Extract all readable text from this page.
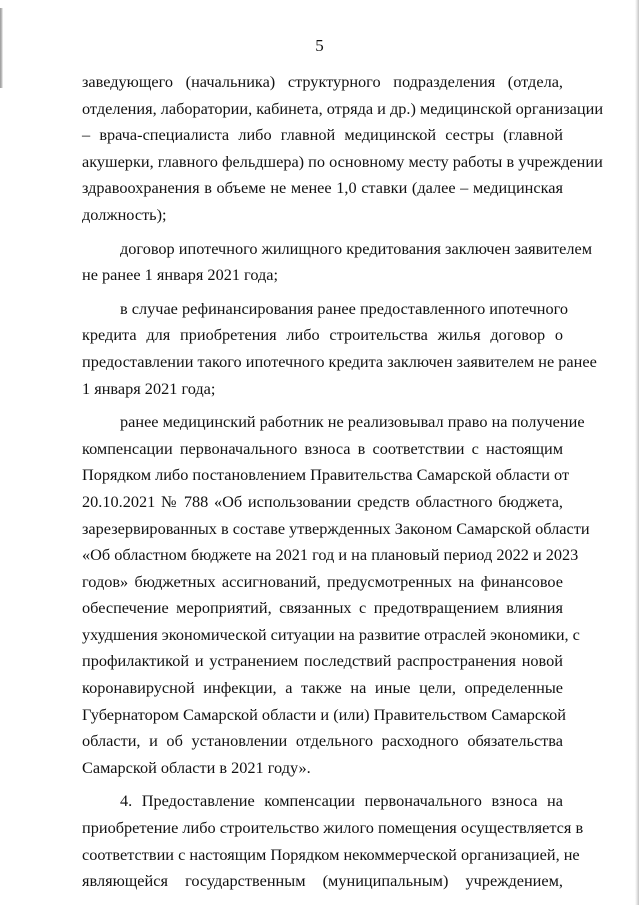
5

заведующего (начальника) структурного подразделения (отдела,
отделения, лаборатории, кабинета, отряда и др.) медицинской организации
– врача-специалиста либо главной медицинской сестры (главной
акушерки, главного фельдшера) по основному месту работы в учреждении
здравоохранения в объеме не менее 1,0 ставки (далее – медицинская
должность);

договор ипотечного жилищного кредитования заключен заявителем
не ранее 1 января 2021 года;

в случае рефинансирования ранее предоставленного ипотечного
кредита для приобретения либо строительства жилья договор о
предоставлении такого ипотечного кредита заключен заявителем не ранее
1 января 2021 года;

ранее медицинский работник не реализовывал право на получение
компенсации первоначального взноса в соответствии с настоящим
Порядком либо постановлением Правительства Самарской области от
20.10.2021 № 788 «Об использовании средств областного бюджета,
зарезервированных в составе утвержденных Законом Самарской области
«Об областном бюджете на 2021 год и на плановый период 2022 и 2023
годов» бюджетных ассигнований, предусмотренных на финансовое
обеспечение мероприятий, связанных с предотвращением влияния
ухудшения экономической ситуации на развитие отраслей экономики, с
профилактикой и устранением последствий распространения новой
коронавирусной инфекции, а также на иные цели, определенные
Губернатором Самарской области и (или) Правительством Самарской
области, и об установлении отдельного расходного обязательства
Самарской области в 2021 году».

4. Предоставление компенсации первоначального взноса на
приобретение либо строительство жилого помещения осуществляется в
соответствии с настоящим Порядком некоммерческой организацией, не
являющейся государственным (муниципальным) учреждением,
